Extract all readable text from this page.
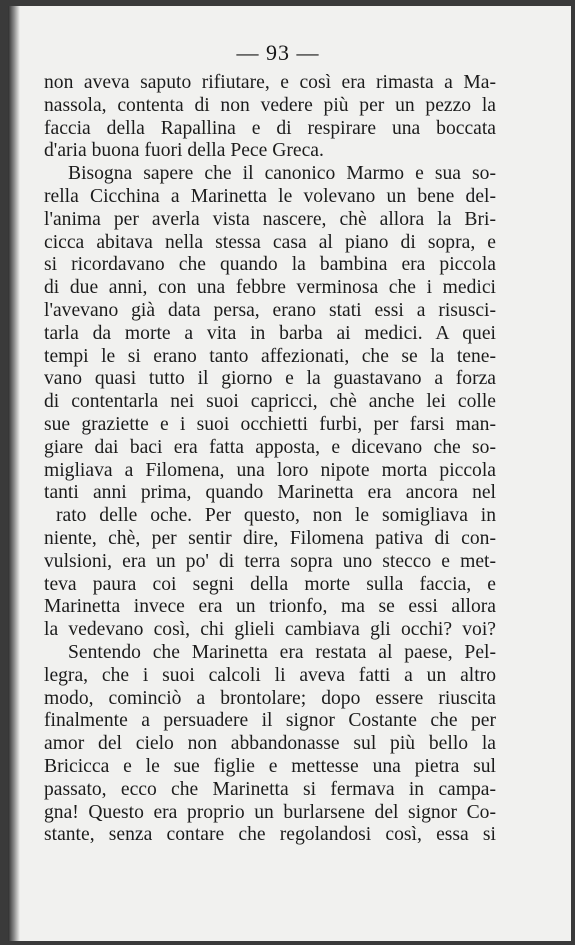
— 93 —
non aveva saputo rifiutare, e così era rimasta a Ma-
nassola, contenta di non vedere più per un pezzo la
faccia della Rapallina e di respirare una boccata
d'aria buona fuori della Pece Greca.
Bisogna sapere che il canonico Marmo e sua so-
rella Cicchina a Marinetta le volevano un bene del-
l'anima per averla vista nascere, chè allora la Bri-
cicca abitava nella stessa casa al piano di sopra, e
si ricordavano che quando la bambina era piccola
di due anni, con una febbre verminosa che i medici
l'avevano già data persa, erano stati essi a risusci-
tarla da morte a vita in barba ai medici. A quei
tempi le si erano tanto affezionati, che se la tene-
vano quasi tutto il giorno e la guastavano a forza
di contentarla nei suoi capricci, chè anche lei colle
sue graziette e i suoi occhietti furbi, per farsi man-
giare dai baci era fatta apposta, e dicevano che so-
migliava a Filomena, una loro nipote morta piccola
tanti anni prima, quando Marinetta era ancora nel
rato delle oche. Per questo, non le somigliava in
niente, chè, per sentir dire, Filomena pativa di con-
vulsioni, era un po' di terra sopra uno stecco e met-
teva paura coi segni della morte sulla faccia, e
Marinetta invece era un trionfo, ma se essi allora
la vedevano così, chi glieli cambiava gli occhi? voi?
Sentendo che Marinetta era restata al paese, Pel-
legra, che i suoi calcoli li aveva fatti a un altro
modo, cominciò a brontolare; dopo essere riuscita
finalmente a persuadere il signor Costante che per
amor del cielo non abbandonasse sul più bello la
Bricicca e le sue figlie e mettesse una pietra sul
passato, ecco che Marinetta si fermava in campa-
gna! Questo era proprio un burlarsene del signor Co-
stante, senza contare che regolandosi così, essa si
